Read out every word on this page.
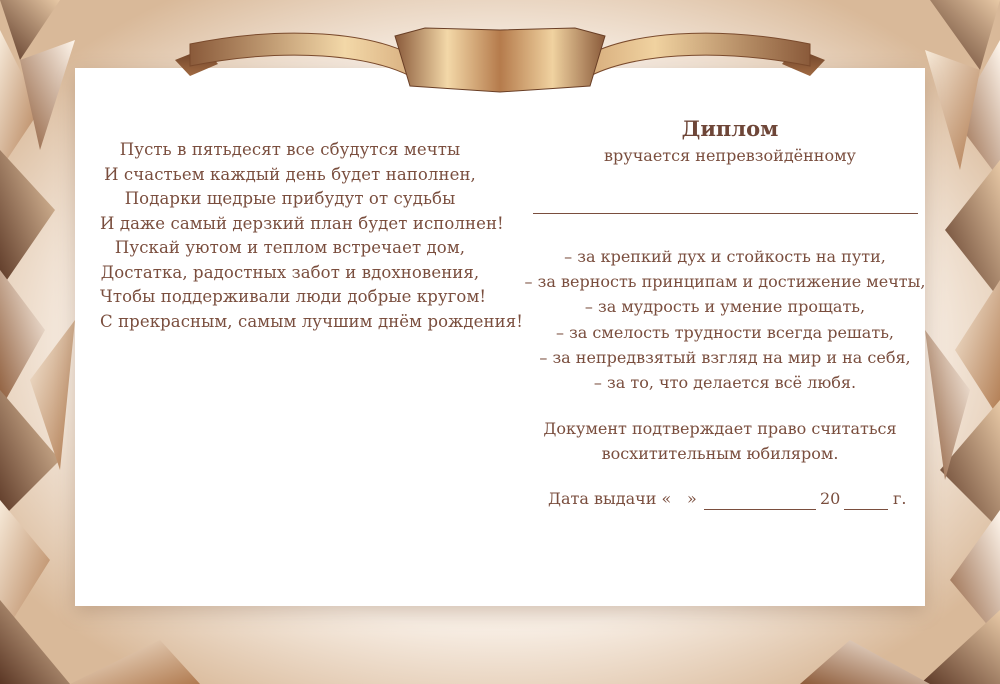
Пусть в пятьдесят все сбудутся мечты
И счастьем каждый день будет наполнен,
Подарки щедрые прибудут от судьбы
И даже самый дерзкий план будет исполнен!
Пускай уютом и теплом встречает дом,
Достатка, радостных забот и вдохновения,
Чтобы поддерживали люди добрые кругом!
С прекрасным, самым лучшим днём рождения!
Диплом
вручается непревзойдённому
– за крепкий дух и стойкость на пути,
– за верность принципам и достижение мечты,
– за мудрость и умение прощать,
– за смелость трудности всегда решать,
– за непредвзятый взгляд на мир и на себя,
– за то, что делается всё любя.
Документ подтверждает право считаться
восхитительным юбиляром.
Дата выдачи « »	20	г.
